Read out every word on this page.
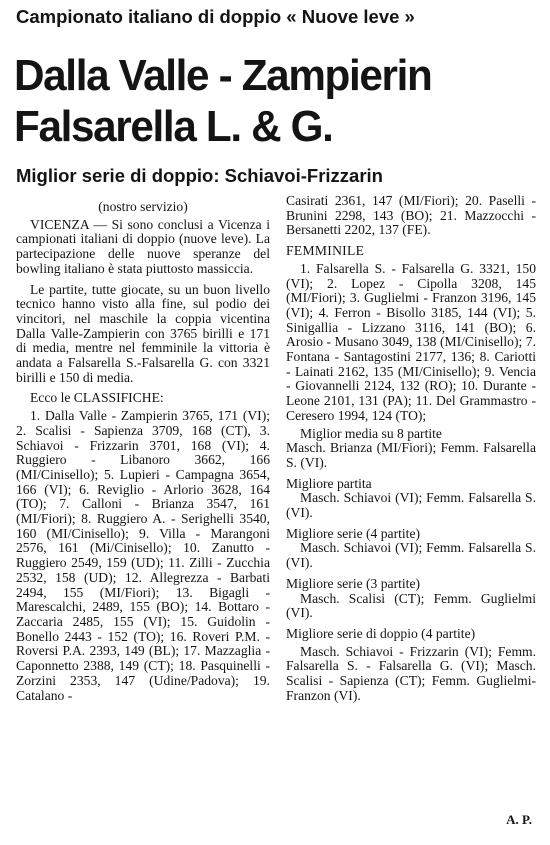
Campionato italiano di doppio « Nuove leve »
Dalla Valle - Zampierin
Falsarella L. & G.
Miglior serie di doppio: Schiavoi-Frizzarin

(nostro servizio)

VICENZA — Si sono conclusi a Vicenza i campionati italiani di doppio (nuove leve). La partecipazione delle nuove speranze del bowling italiano è stata piuttosto massiccia.

Le partite, tutte giocate, su un buon livello tecnico hanno visto alla fine, sul podio dei vincitori, nel maschile la coppia vicentina Dalla Valle-Zampierin con 3765 birilli e 171 di media, mentre nel femminile la vittoria è andata a Falsarella S.-Falsarella G. con 3321 birilli e 150 di media.

Ecco le CLASSIFICHE:

1. Dalla Valle - Zampierin 3765, 171 (VI); 2. Scalisi - Sapienza 3709, 168 (CT), 3. Schiavoi - Frizzarin 3701, 168 (VI); 4. Ruggiero - Libanoro 3662, 166 (MI/Cinisello); 5. Lupieri - Campagna 3654, 166 (VI); 6. Reviglio - Arlorio 3628, 164 (TO); 7. Calloni - Brianza 3547, 161 (MI/Fiori); 8. Ruggiero A. - Serighelli 3540, 160 (MI/Cinisello); 9. Villa - Marangoni 2576, 161 (Mi/Cinisello); 10. Zanutto - Ruggiero 2549, 159 (UD); 11. Zilli - Zucchia 2532, 158 (UD); 12. Allegrezza - Barbati 2494, 155 (MI/Fiori); 13. Bigagli - Marescalchi, 2489, 155 (BO); 14. Bottaro - Zaccaria 2485, 155 (VI); 15. Guidolin - Bonello 2443 - 152 (TO); 16. Roveri P.M. - Roversi P.A. 2393, 149 (BL); 17. Mazzaglia - Caponnetto 2388, 149 (CT); 18. Pasquinelli - Zorzini 2353, 147 (Udine/Padova); 19. Catalano -

Casirati 2361, 147 (MI/Fiori); 20. Paselli - Brunini 2298, 143 (BO); 21. Mazzocchi - Bersanetti 2202, 137 (FE).

FEMMINILE

1. Falsarella S. - Falsarella G. 3321, 150 (VI); 2. Lopez - Cipolla 3208, 145 (MI/Fiori); 3. Guglielmi - Franzon 3196, 145 (VI); 4. Ferron - Bisollo 3185, 144 (VI); 5. Sinigallia - Lizzano 3116, 141 (BO); 6. Arosio - Musano 3049, 138 (MI/Cinisello); 7. Fontana - Santagostini 2177, 136; 8. Cariotti - Lainati 2162, 135 (MI/Cinisello); 9. Vencia - Giovannelli 2124, 132 (RO); 10. Durante - Leone 2101, 131 (PA); 11. Del Grammastro - Ceresero 1994, 124 (TO);

Miglior media su 8 partite

Masch. Brianza (MI/Fiori); Femm. Falsarella S. (VI).

Migliore partita

Masch. Schiavoi (VI); Femm. Falsarella S. (VI).

Migliore serie (4 partite)

Masch. Schiavoi (VI); Femm. Falsarella S. (VI).

Migliore serie (3 partite)

Masch. Scalisi (CT); Femm. Guglielmi (VI).

Migliore serie di doppio (4 partite)

Masch. Schiavoi - Frizzarin (VI); Femm. Falsarella S. - Falsarella G. (VI); Masch. Scalisi - Sapienza (CT); Femm. Guglielmi-Franzon (VI).

A. P.
